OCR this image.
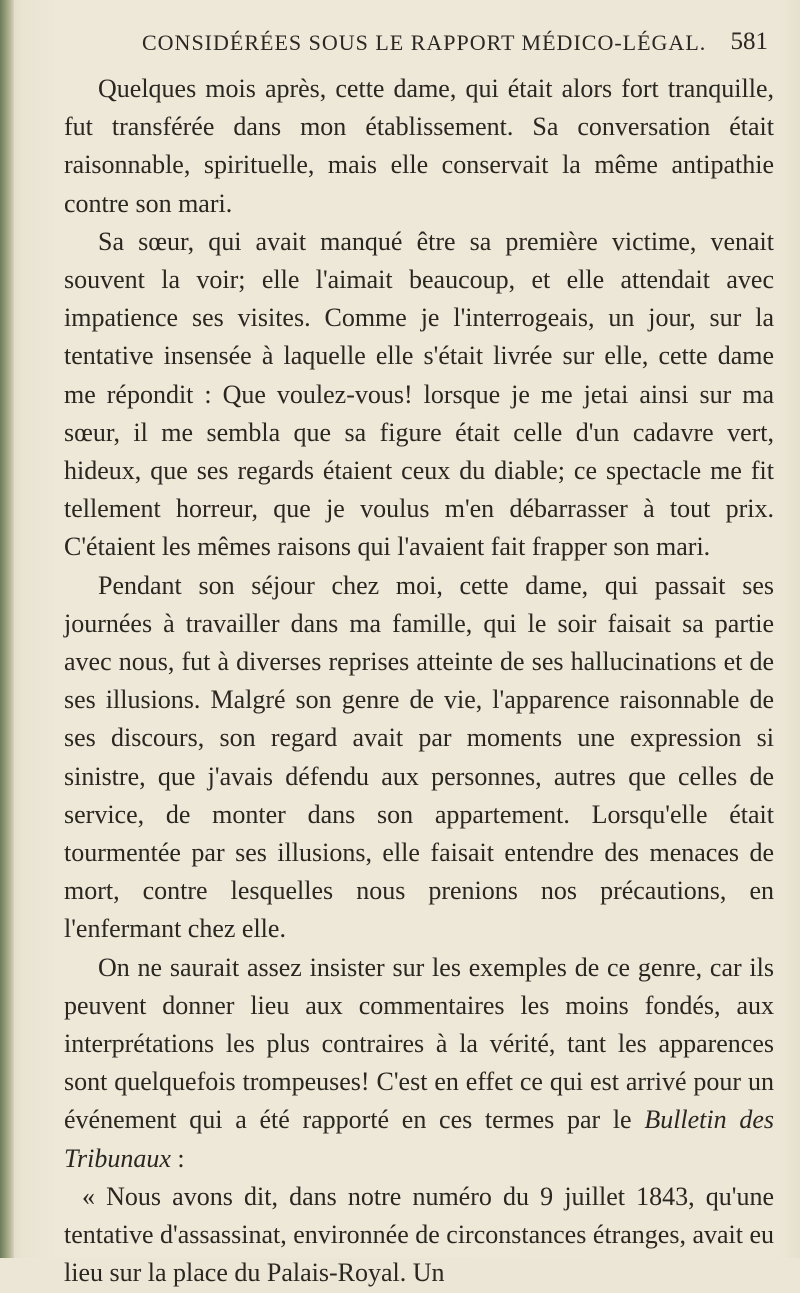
CONSIDÉRÉES SOUS LE RAPPORT MÉDICO-LÉGAL. 581

Quelques mois après, cette dame, qui était alors fort tranquille, fut transférée dans mon établissement. Sa conversation était raisonnable, spirituelle, mais elle conservait la même antipathie contre son mari.

Sa sœur, qui avait manqué être sa première victime, venait souvent la voir; elle l'aimait beaucoup, et elle attendait avec impatience ses visites. Comme je l'interrogeais, un jour, sur la tentative insensée à laquelle elle s'était livrée sur elle, cette dame me répondit : Que voulez-vous! lorsque je me jetai ainsi sur ma sœur, il me sembla que sa figure était celle d'un cadavre vert, hideux, que ses regards étaient ceux du diable; ce spectacle me fit tellement horreur, que je voulus m'en débarrasser à tout prix. C'étaient les mêmes raisons qui l'avaient fait frapper son mari.

Pendant son séjour chez moi, cette dame, qui passait ses journées à travailler dans ma famille, qui le soir faisait sa partie avec nous, fut à diverses reprises atteinte de ses hallucinations et de ses illusions. Malgré son genre de vie, l'apparence raisonnable de ses discours, son regard avait par moments une expression si sinistre, que j'avais défendu aux personnes, autres que celles de service, de monter dans son appartement. Lorsqu'elle était tourmentée par ses illusions, elle faisait entendre des menaces de mort, contre lesquelles nous prenions nos précautions, en l'enfermant chez elle.

On ne saurait assez insister sur les exemples de ce genre, car ils peuvent donner lieu aux commentaires les moins fondés, aux interprétations les plus contraires à la vérité, tant les apparences sont quelquefois trompeuses! C'est en effet ce qui est arrivé pour un événement qui a été rapporté en ces termes par le Bulletin des Tribunaux :

« Nous avons dit, dans notre numéro du 9 juillet 1843, qu'une tentative d'assassinat, environnée de circonstances étranges, avait eu lieu sur la place du Palais-Royal. Un
